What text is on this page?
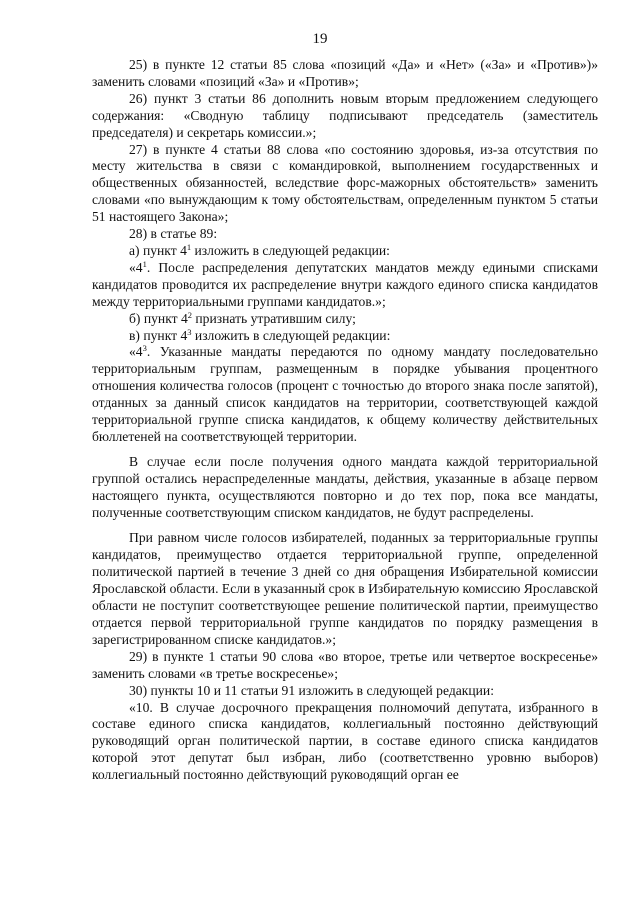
19

25) в пункте 12 статьи 85 слова «позиций «Да» и «Нет» («За» и «Против»)» заменить словами «позиций «За» и «Против»;

26) пункт 3 статьи 86 дополнить новым вторым предложением следующего содержания: «Сводную таблицу подписывают председатель (заместитель председателя) и секретарь комиссии.»;

27) в пункте 4 статьи 88 слова «по состоянию здоровья, из-за отсутствия по месту жительства в связи с командировкой, выполнением государственных и общественных обязанностей, вследствие форс-мажорных обстоятельств» заменить словами «по вынуждающим к тому обстоятельствам, определенным пунктом 5 статьи 51 настоящего Закона»;

28) в статье 89:

а) пункт $4^1$ изложить в следующей редакции:

«$4^1$. После распределения депутатских мандатов между едиными списками кандидатов проводится их распределение внутри каждого единого списка кандидатов между территориальными группами кандидатов.»;

б) пункт $4^2$ признать утратившим силу;

в) пункт $4^3$ изложить в следующей редакции:

«$4^3$. Указанные мандаты передаются по одному мандату последовательно территориальным группам, размещенным в порядке убывания процентного отношения количества голосов (процент с точностью до второго знака после запятой), отданных за данный список кандидатов на территории, соответствующей каждой территориальной группе списка кандидатов, к общему количеству действительных бюллетеней на соответствующей территории.

В случае если после получения одного мандата каждой территориальной группой остались нераспределенные мандаты, действия, указанные в абзаце первом настоящего пункта, осуществляются повторно и до тех пор, пока все мандаты, полученные соответствующим списком кандидатов, не будут распределены.

При равном числе голосов избирателей, поданных за территориальные группы кандидатов, преимущество отдается территориальной группе, определенной политической партией в течение 3 дней со дня обращения Избирательной комиссии Ярославской области. Если в указанный срок в Избирательную комиссию Ярославской области не поступит соответствующее решение политической партии, преимущество отдается первой территориальной группе кандидатов по порядку размещения в зарегистрированном списке кандидатов.»;

29) в пункте 1 статьи 90 слова «во второе, третье или четвертое воскресенье» заменить словами «в третье воскресенье»;

30) пункты 10 и 11 статьи 91 изложить в следующей редакции:

«10. В случае досрочного прекращения полномочий депутата, избранного в составе единого списка кандидатов, коллегиальный постоянно действующий руководящий орган политической партии, в составе единого списка кандидатов которой этот депутат был избран, либо (соответственно уровню выборов) коллегиальный постоянно действующий руководящий орган ее
